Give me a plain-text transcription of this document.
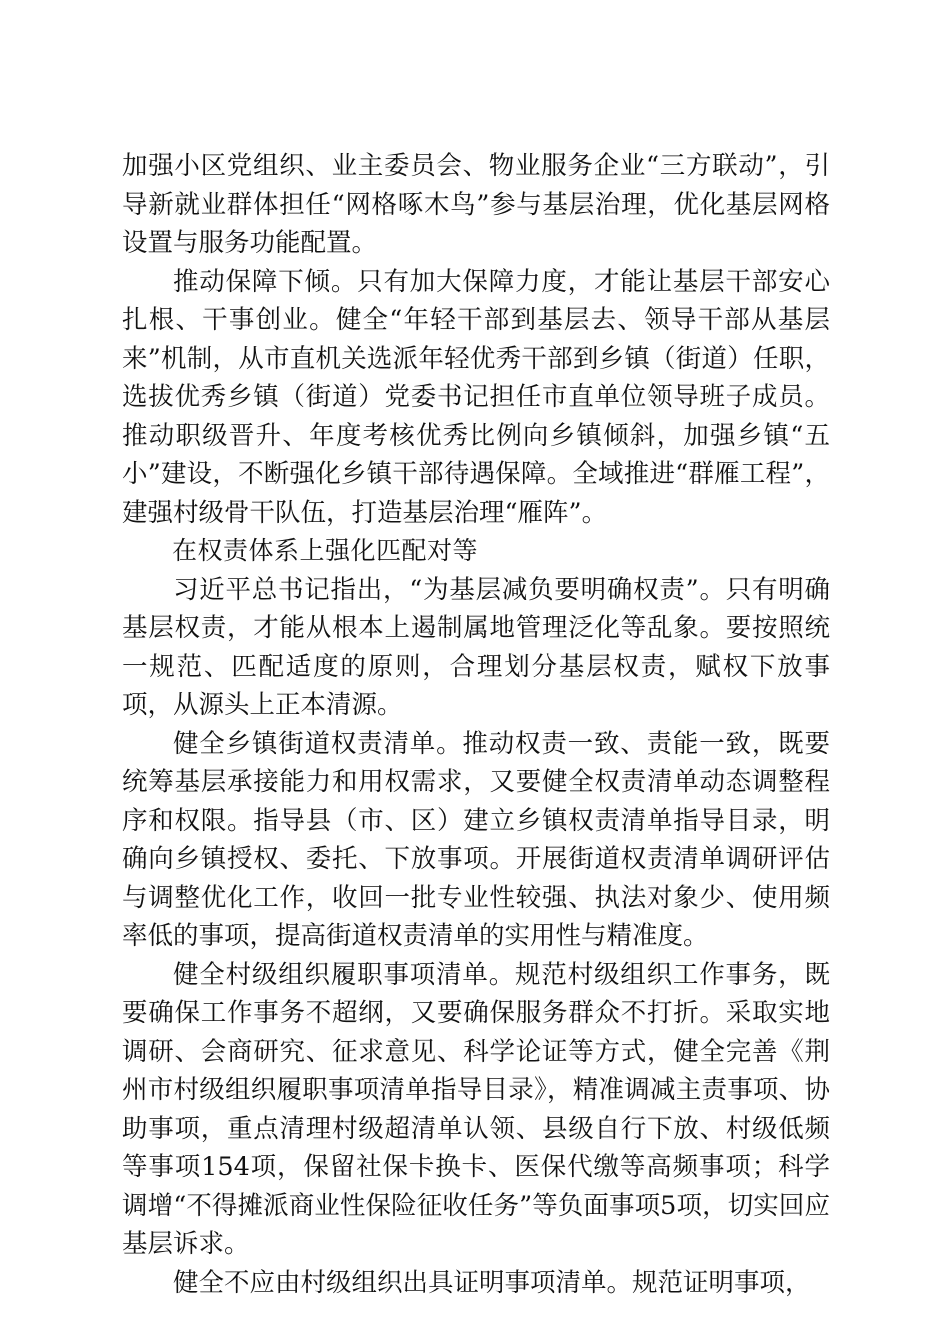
加强小区党组织、业主委员会、物业服务企业“三方联动”，引导新就业群体担任“网格啄木鸟”参与基层治理，优化基层网格设置与服务功能配置。

推动保障下倾。只有加大保障力度，才能让基层干部安心扎根、干事创业。健全“年轻干部到基层去、领导干部从基层来”机制，从市直机关选派年轻优秀干部到乡镇（街道）任职，选拔优秀乡镇（街道）党委书记担任市直单位领导班子成员。推动职级晋升、年度考核优秀比例向乡镇倾斜，加强乡镇“五小”建设，不断强化乡镇干部待遇保障。全域推进“群雁工程”，建强村级骨干队伍，打造基层治理“雁阵”。

在权责体系上强化匹配对等

习近平总书记指出，“为基层减负要明确权责”。只有明确基层权责，才能从根本上遏制属地管理泛化等乱象。要按照统一规范、匹配适度的原则，合理划分基层权责，赋权下放事项，从源头上正本清源。

健全乡镇街道权责清单。推动权责一致、责能一致，既要统筹基层承接能力和用权需求，又要健全权责清单动态调整程序和权限。指导县（市、区）建立乡镇权责清单指导目录，明确向乡镇授权、委托、下放事项。开展街道权责清单调研评估与调整优化工作，收回一批专业性较强、执法对象少、使用频率低的事项，提高街道权责清单的实用性与精准度。

健全村级组织履职事项清单。规范村级组织工作事务，既要确保工作事务不超纲，又要确保服务群众不打折。采取实地调研、会商研究、征求意见、科学论证等方式，健全完善《荆州市村级组织履职事项清单指导目录》，精准调减主责事项、协助事项，重点清理村级超清单认领、县级自行下放、村级低频等事项154项，保留社保卡换卡、医保代缴等高频事项；科学调增“不得摊派商业性保险征收任务”等负面事项5项，切实回应基层诉求。

健全不应由村级组织出具证明事项清单。规范证明事项，
